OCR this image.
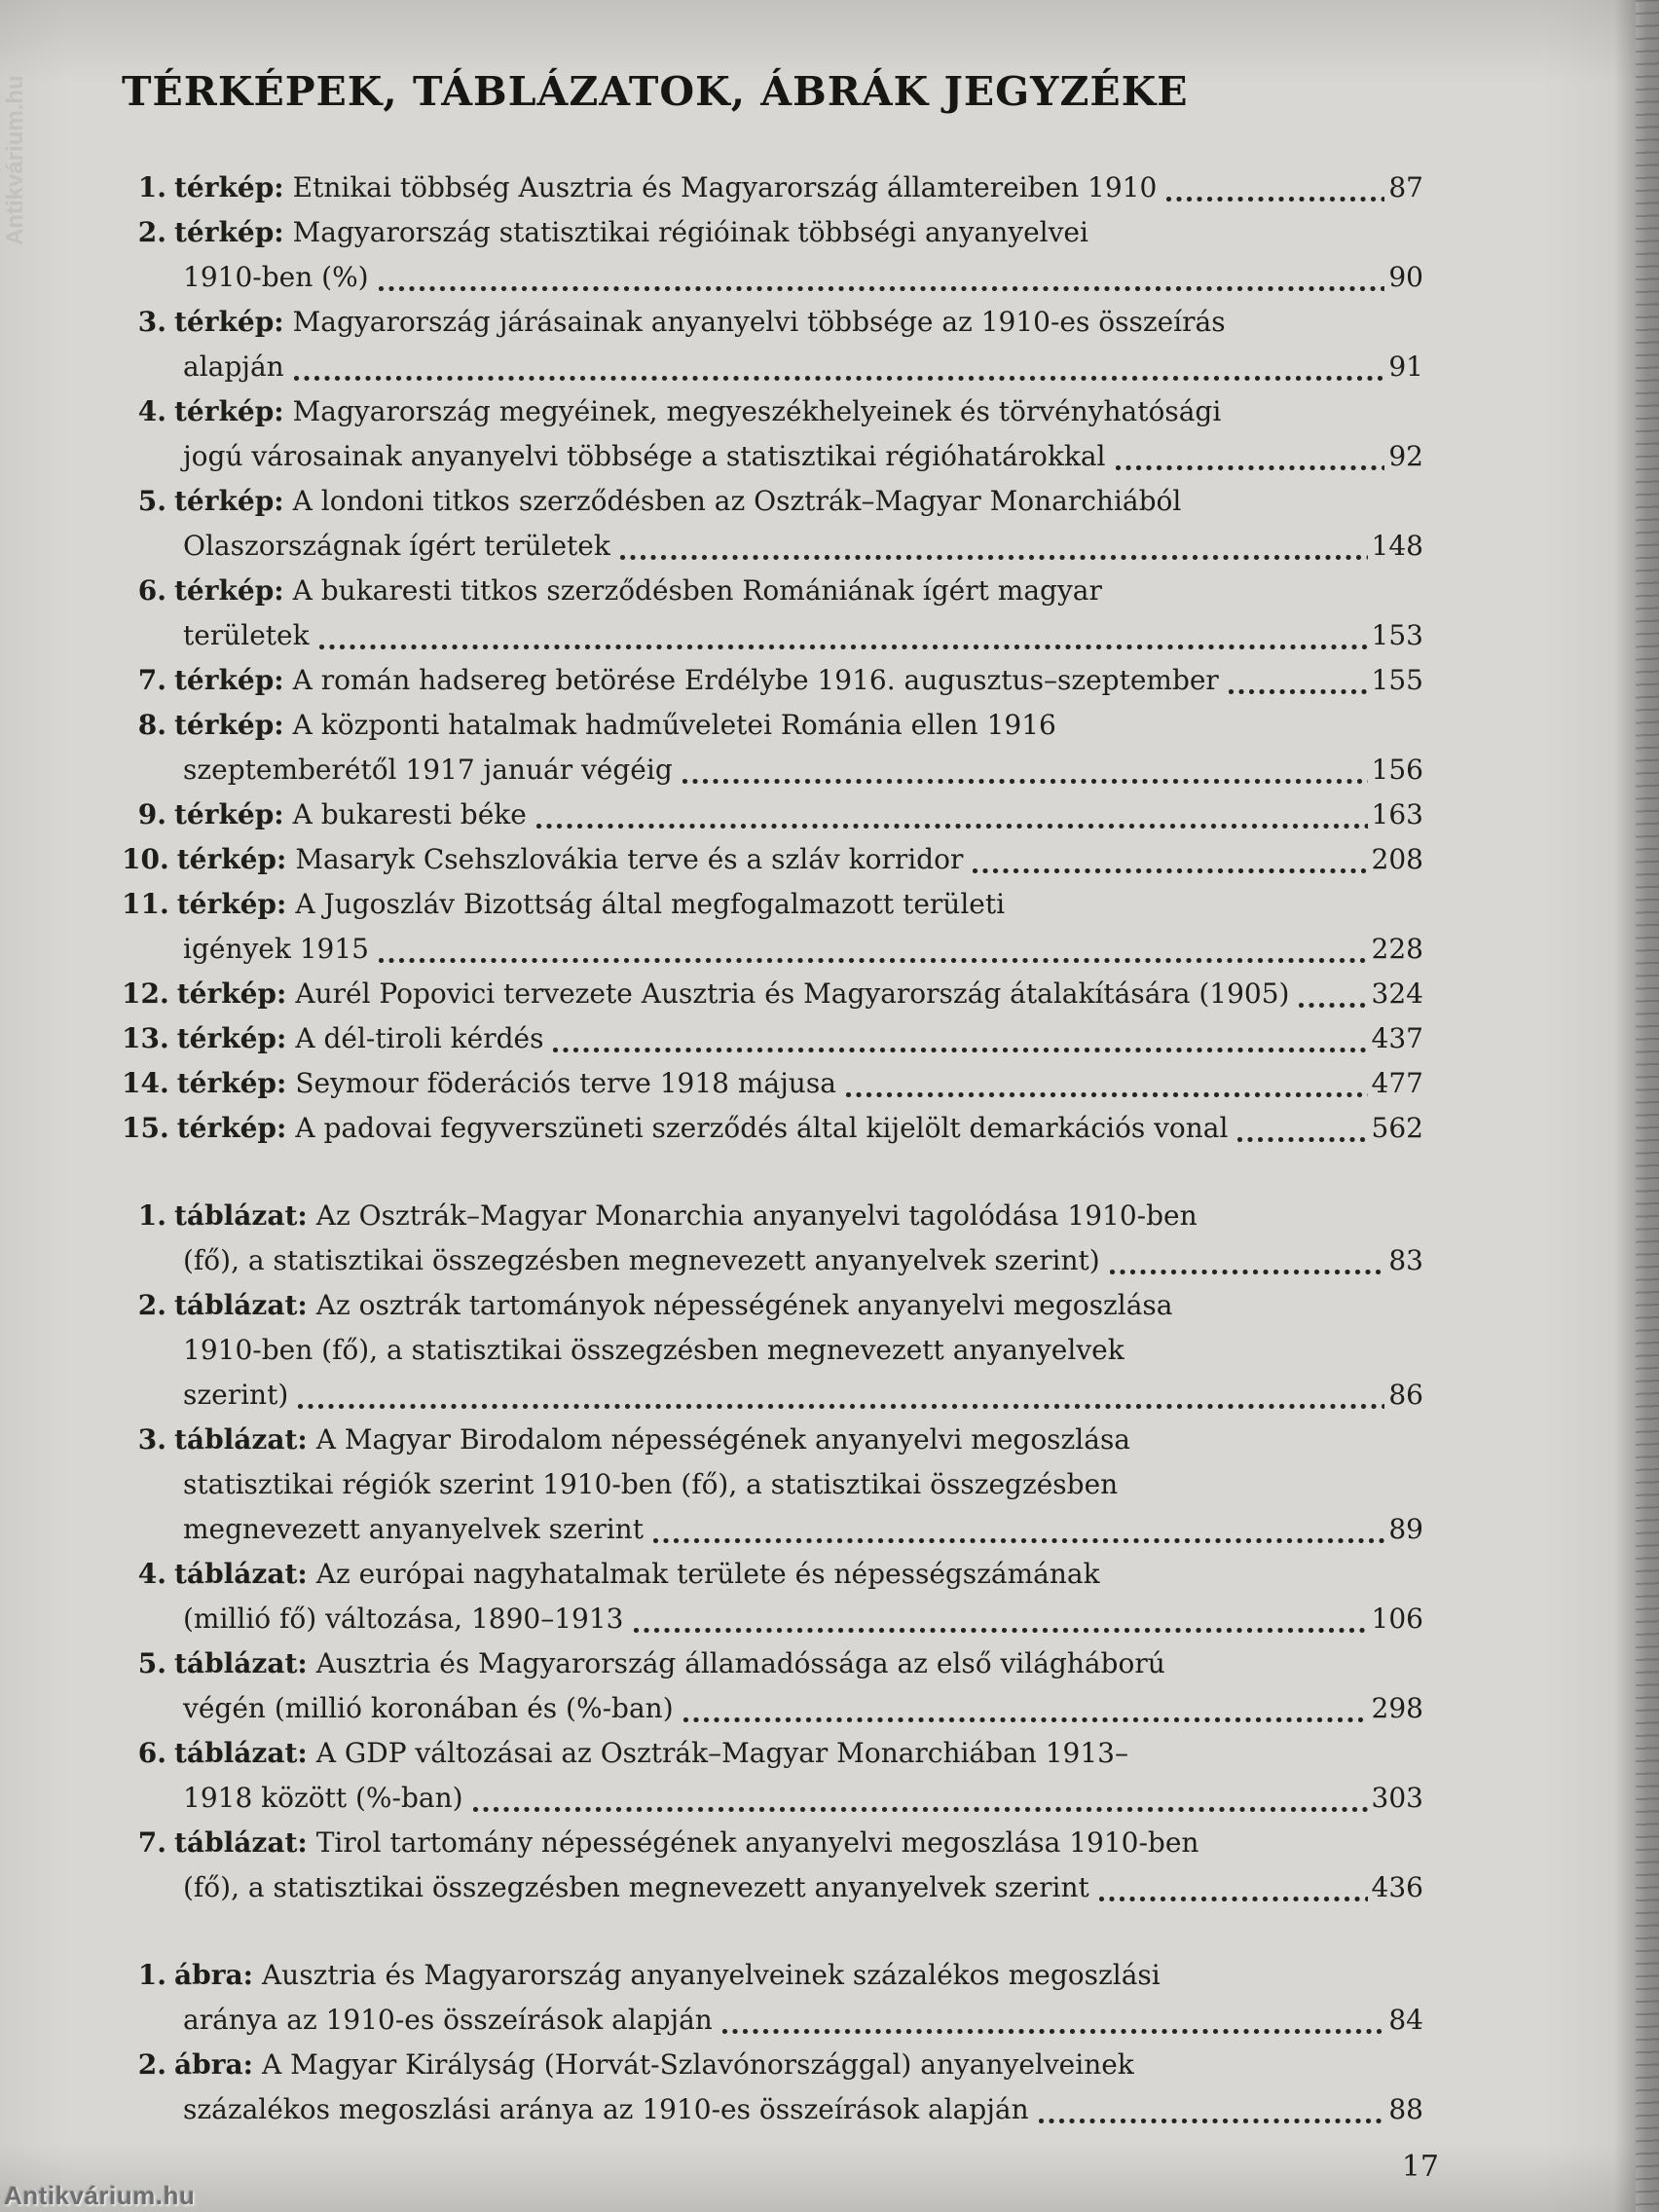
Antikvárium.hu TÉRKÉPEK, TÁBLÁZATOK, ÁBRÁK JEGYZÉKE
1. térkép: Etnikai többség Ausztria és Magyarország államtereiben 1910	87
2. térkép: Magyarország statisztikai régióinak többségi anyanyelvei
1910-ben (%)	90
3. térkép: Magyarország járásainak anyanyelvi többsége az 1910-es összeírás
alapján	91
4. térkép: Magyarország megyéinek, megyeszékhelyeinek és törvényhatósági
jogú városainak anyanyelvi többsége a statisztikai régióhatárokkal	92
5. térkép: A londoni titkos szerződésben az Osztrák–Magyar Monarchiából
Olaszországnak ígért területek	148
6. térkép: A bukaresti titkos szerződésben Romániának ígért magyar
területek	153
7. térkép: A román hadsereg betörése Erdélybe 1916. augusztus–szeptember	155
8. térkép: A központi hatalmak hadműveletei Románia ellen 1916
szeptemberétől 1917 január végéig	156
9. térkép: A bukaresti béke	163
10. térkép: Masaryk Csehszlovákia terve és a szláv korridor	208
11. térkép: A Jugoszláv Bizottság által megfogalmazott területi
igények 1915	228
12. térkép: Aurél Popovici tervezete Ausztria és Magyarország átalakítására (1905)	324
13. térkép: A dél-tiroli kérdés	437
14. térkép: Seymour föderációs terve 1918 májusa	477
15. térkép: A padovai fegyverszüneti szerződés által kijelölt demarkációs vonal	562
1. táblázat: Az Osztrák–Magyar Monarchia anyanyelvi tagolódása 1910-ben
(fő), a statisztikai összegzésben megnevezett anyanyelvek szerint)	83
2. táblázat: Az osztrák tartományok népességének anyanyelvi megoszlása
1910-ben (fő), a statisztikai összegzésben megnevezett anyanyelvek
szerint)	86
3. táblázat: A Magyar Birodalom népességének anyanyelvi megoszlása
statisztikai régiók szerint 1910-ben (fő), a statisztikai összegzésben
megnevezett anyanyelvek szerint	89
4. táblázat: Az európai nagyhatalmak területe és népességszámának
(millió fő) változása, 1890–1913	106
5. táblázat: Ausztria és Magyarország államadóssága az első világháború
végén (millió koronában és (%-ban)	298
6. táblázat: A GDP változásai az Osztrák–Magyar Monarchiában 1913–
1918 között (%-ban)	303
7. táblázat: Tirol tartomány népességének anyanyelvi megoszlása 1910-ben
(fő), a statisztikai összegzésben megnevezett anyanyelvek szerint	436
1. ábra: Ausztria és Magyarország anyanyelveinek százalékos megoszlási
aránya az 1910-es összeírások alapján	84
2. ábra: A Magyar Királyság (Horvát-Szlavónországgal) anyanyelveinek
százalékos megoszlási aránya az 1910-es összeírások alapján	88
17
Antikvárium.hu
